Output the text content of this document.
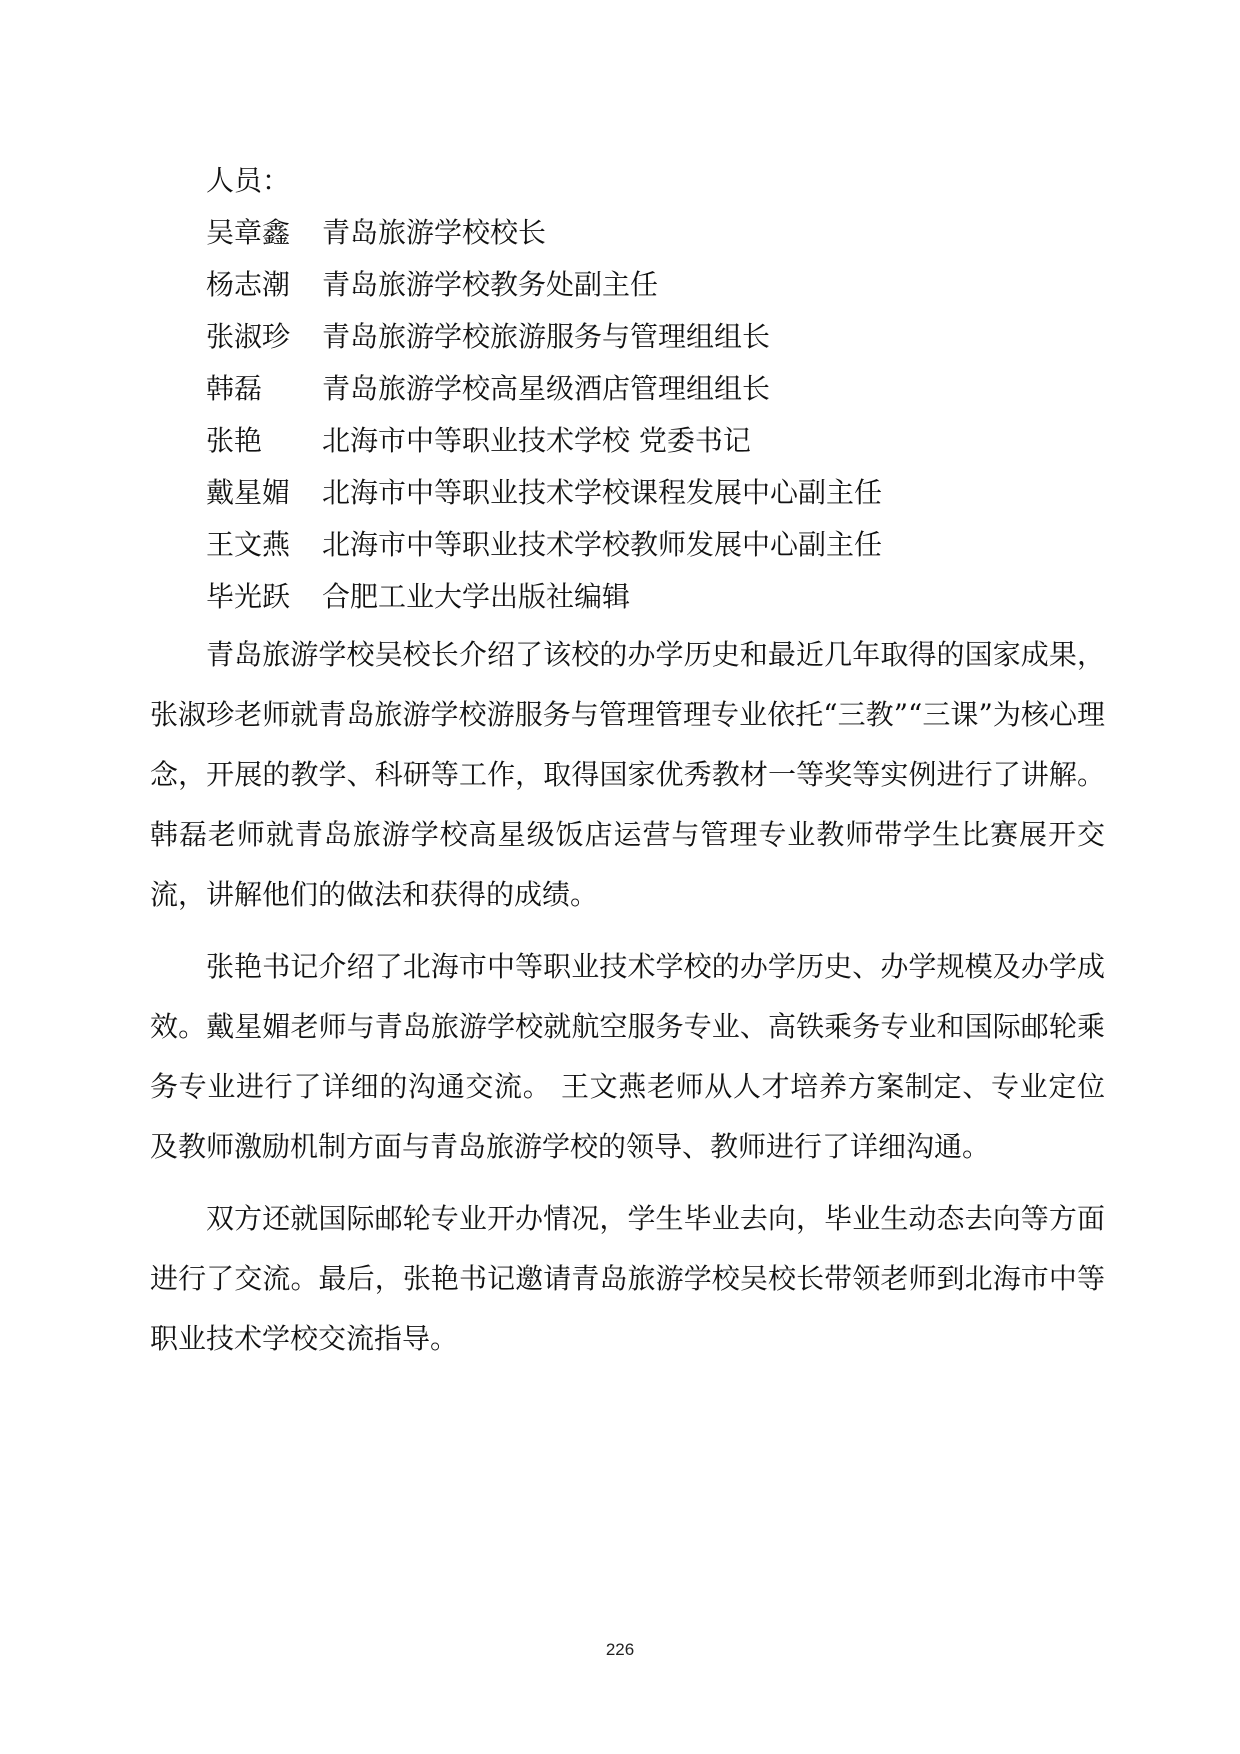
人员：
吴章鑫	青岛旅游学校校长
杨志潮	青岛旅游学校教务处副主任
张淑珍	青岛旅游学校旅游服务与管理组组长
韩磊	青岛旅游学校高星级酒店管理组组长
张艳	北海市中等职业技术学校 党委书记
戴星媚	北海市中等职业技术学校课程发展中心副主任
王文燕	北海市中等职业技术学校教师发展中心副主任
毕光跃	合肥工业大学出版社编辑

青岛旅游学校吴校长介绍了该校的办学历史和最近几年取得的国家成果，张淑珍老师就青岛旅游学校游服务与管理管理专业依托“三教”“三课”为核心理念，开展的教学、科研等工作，取得国家优秀教材一等奖等实例进行了讲解。韩磊老师就青岛旅游学校高星级饭店运营与管理专业教师带学生比赛展开交流，讲解他们的做法和获得的成绩。

张艳书记介绍了北海市中等职业技术学校的办学历史、办学规模及办学成效。戴星媚老师与青岛旅游学校就航空服务专业、高铁乘务专业和国际邮轮乘务专业进行了详细的沟通交流。 王文燕老师从人才培养方案制定、专业定位及教师激励机制方面与青岛旅游学校的领导、教师进行了详细沟通。

双方还就国际邮轮专业开办情况，学生毕业去向，毕业生动态去向等方面进行了交流。最后，张艳书记邀请青岛旅游学校吴校长带领老师到北海市中等职业技术学校交流指导。

226
